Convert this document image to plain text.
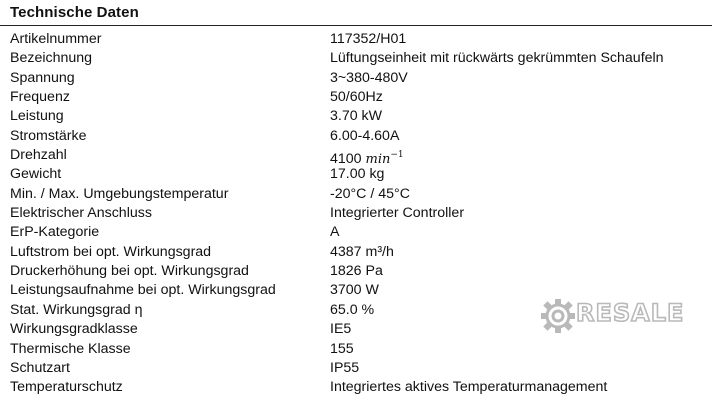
Technische Daten
Artikelnummer	117352/H01
Bezeichnung	Lüftungseinheit mit rückwärts gekrümmten Schaufeln
Spannung	3~380-480V
Frequenz	50/60Hz
Leistung	3.70 kW
Stromstärke	6.00-4.60A
Drehzahl	4100 $\min^{-1}$
Gewicht	17.00 kg
Min. / Max. Umgebungstemperatur	-20°C / 45°C
Elektrischer Anschluss	Integrierter Controller
ErP-Kategorie	A
Luftstrom bei opt. Wirkungsgrad	4387 m³/h
Druckerhöhung bei opt. Wirkungsgrad	1826 Pa
Leistungsaufnahme bei opt. Wirkungsgrad	3700 W
Stat. Wirkungsgrad η	65.0 %
Wirkungsgradklasse	IE5
Thermische Klasse	155
Schutzart	IP55
Temperaturschutz	Integriertes aktives Temperaturmanagement
RESALE
